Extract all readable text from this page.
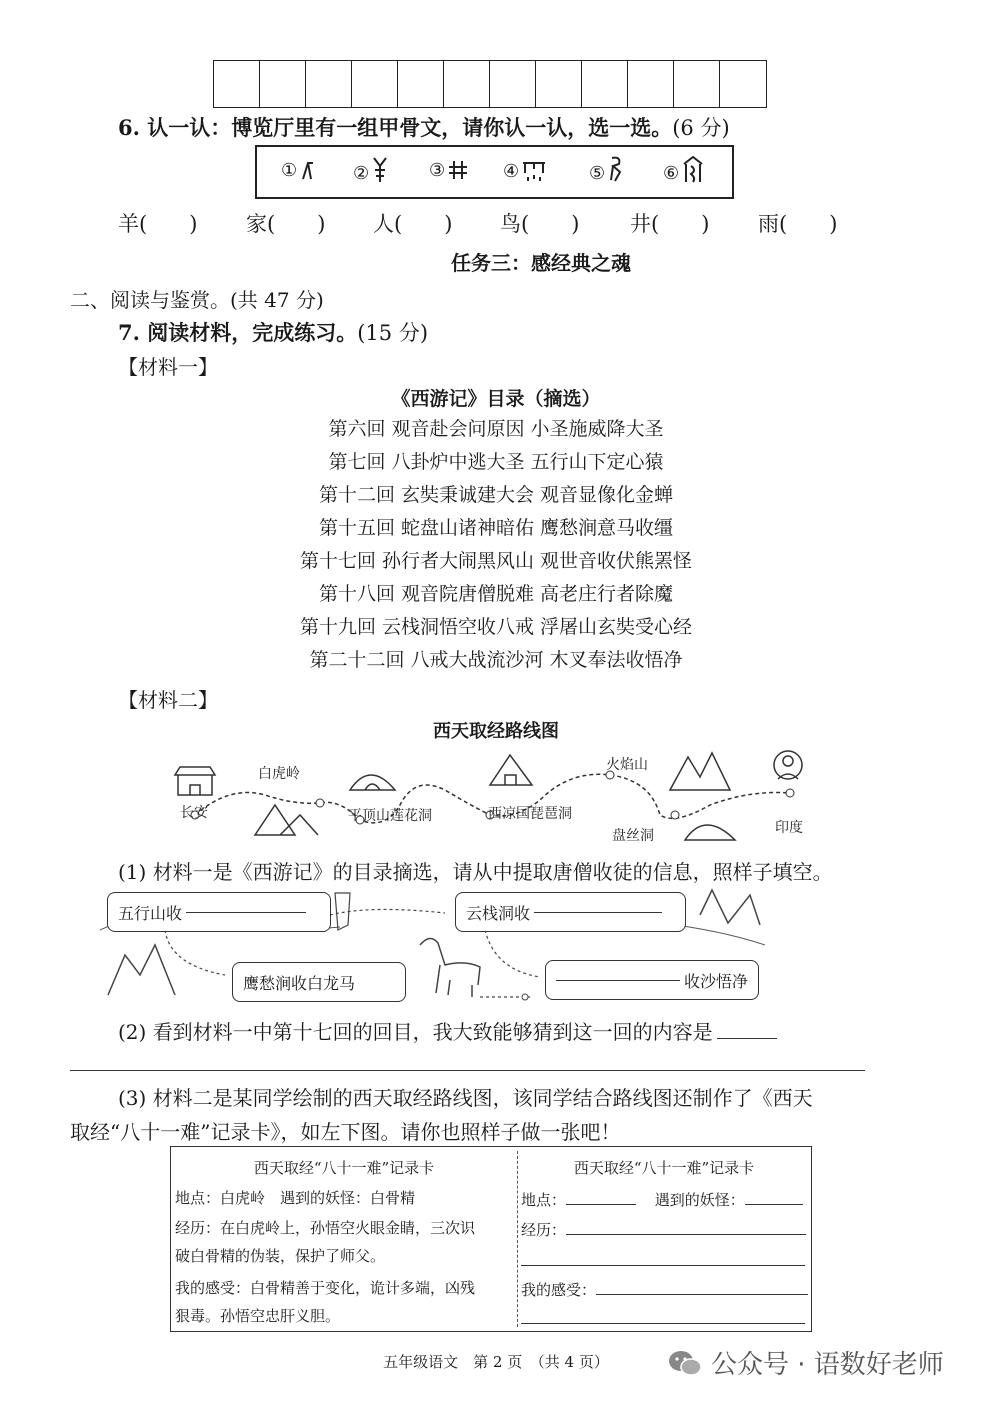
6. 认一认：博览厅里有一组甲骨文，请你认一认，选一选。(6 分)
①	②	③	④	⑤	⑥
羊(　　) 家(　　) 人(　　) 鸟(　　) 井(　　) 雨(　　)
任务三：感经典之魂
二、阅读与鉴赏。(共 47 分)
7. 阅读材料，完成练习。(15 分)
【材料一】
《西游记》目录（摘选）
第六回 观音赴会问原因 小圣施威降大圣
第七回 八卦炉中逃大圣 五行山下定心猿
第十二回 玄奘秉诚建大会 观音显像化金蝉
第十五回 蛇盘山诸神暗佑 鹰愁涧意马收缰
第十七回 孙行者大闹黑风山 观世音收伏熊罴怪
第十八回 观音院唐僧脱难 高老庄行者除魔
第十九回 云栈洞悟空收八戒 浮屠山玄奘受心经
第二十二回 八戒大战流沙河 木叉奉法收悟净
【材料二】
西天取经路线图
长安
白虎岭
平顶山莲花洞	西凉国琵琶洞
火焰山
盘丝洞	印度
(1) 材料一是《西游记》的目录摘选，请从中提取唐僧收徒的信息，照样子填空。
五行山收	云栈洞收
鹰愁涧收白龙马	收沙悟净
(2) 看到材料一中第十七回的回目，我大致能够猜到这一回的内容是
(3) 材料二是某同学绘制的西天取经路线图，该同学结合路线图还制作了《西天
取经“八十一难”记录卡》，如左下图。请你也照样子做一张吧！
西天取经“八十一难”记录卡
地点：白虎岭　遇到的妖怪：白骨精
经历：在白虎岭上，孙悟空火眼金睛，三次识
破白骨精的伪装，保护了师父。
我的感受：白骨精善于变化，诡计多端，凶残
狠毒。孙悟空忠肝义胆。
西天取经“八十一难”记录卡
地点：	遇到的妖怪：
经历：
我的感受：
五年级语文　第 2 页　（共 4 页）	公众号 · 语数好老师
